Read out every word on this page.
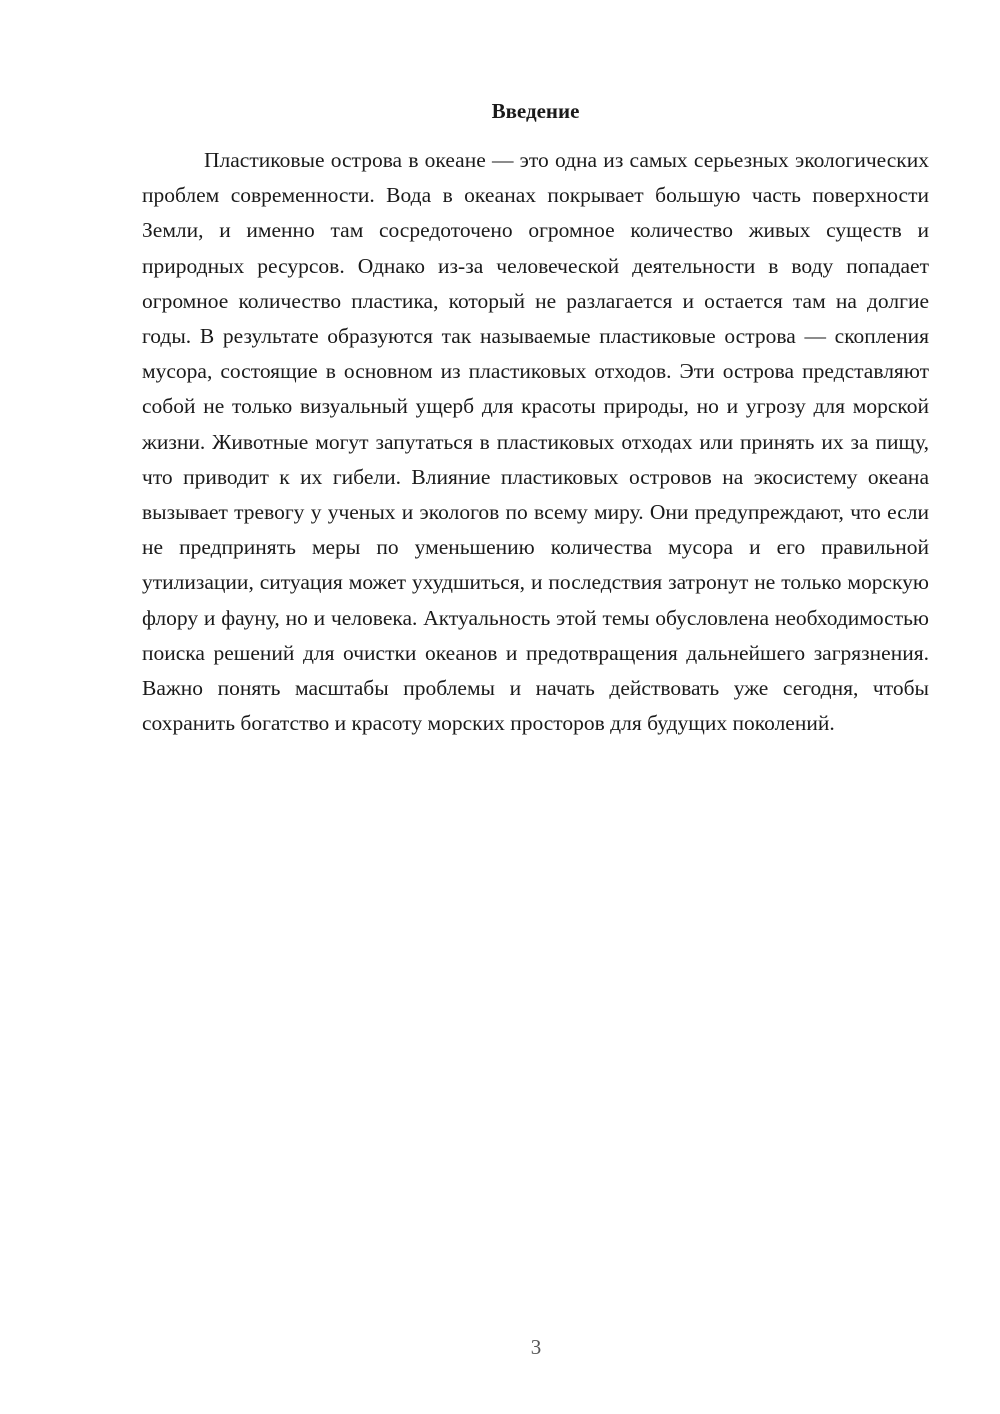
Введение

Пластиковые острова в океане — это одна из самых серьезных экологических проблем современности. Вода в океанах покрывает большую часть поверхности Земли, и именно там сосредоточено огромное количество живых существ и природных ресурсов. Однако из-за человеческой деятельности в воду попадает огромное количество пластика, который не разлагается и остается там на долгие годы. В результате образуются так называемые пластиковые острова — скопления мусора, состоящие в основном из пластиковых отходов. Эти острова представляют собой не только визуальный ущерб для красоты природы, но и угрозу для морской жизни. Животные могут запутаться в пластиковых отходах или принять их за пищу, что приводит к их гибели. Влияние пластиковых островов на экосистему океана вызывает тревогу у ученых и экологов по всему миру. Они предупреждают, что если не предпринять меры по уменьшению количества мусора и его правильной утилизации, ситуация может ухудшиться, и последствия затронут не только морскую флору и фауну, но и человека. Актуальность этой темы обусловлена необходимостью поиска решений для очистки океанов и предотвращения дальнейшего загрязнения. Важно понять масштабы проблемы и начать действовать уже сегодня, чтобы сохранить богатство и красоту морских просторов для будущих поколений.

3
